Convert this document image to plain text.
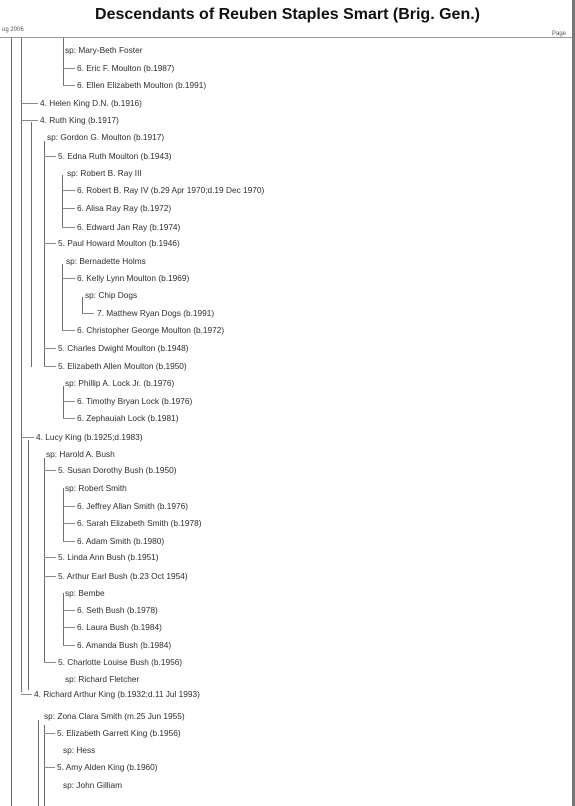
Descendants of Reuben Staples Smart (Brig. Gen.)
ug 2006
Page
sp: Mary-Beth Foster
6. Eric F. Moulton (b.1987)
6. Ellen Elizabeth Moulton (b.1991)
4. Helen King D.N. (b.1916)
4. Ruth King (b.1917)
sp: Gordon G. Moulton (b.1917)
5. Edna Ruth Moulton (b.1943)
sp: Robert B. Ray III
6. Robert B. Ray IV (b.29 Apr 1970;d.19 Dec 1970)
6. Alisa Ray Ray (b.1972)
6. Edward Jan Ray (b.1974)
5. Paul Howard Moulton (b.1946)
sp: Bernadette Holms
6. Kelly Lynn Moulton (b.1969)
sp: Chip Dogs
7. Matthew Ryan Dogs (b.1991)
6. Christopher George Moulton (b.1972)
5. Charles Dwight Moulton (b.1948)
5. Elizabeth Allen Moulton (b.1950)
sp: Phillip A. Lock Jr. (b.1976)
6. Timothy Bryan Lock (b.1976)
6. Zephauiah Lock (b.1981)
4. Lucy King (b.1925;d.1983)
sp: Harold A. Bush
5. Susan Dorothy Bush (b.1950)
sp: Robert Smith
6. Jeffrey Allan Smith (b.1976)
6. Sarah Elizabeth Smith (b.1978)
6. Adam Smith (b.1980)
5. Linda Ann Bush (b.1951)
5. Arthur Earl Bush (b.23 Oct 1954)
sp: Bembe
6. Seth Bush (b.1978)
6. Laura Bush (b.1984)
6. Amanda Bush (b.1984)
5. Charlotte Louise Bush (b.1956)
sp: Richard Fletcher
4. Richard Arthur King (b.1932;d.11 Jul 1993)
sp: Zona Clara Smith (m.25 Jun 1955)
5. Elizabeth Garrett King (b.1956)
sp: Hess
5. Amy Alden King (b.1960)
sp: John Gilliam
